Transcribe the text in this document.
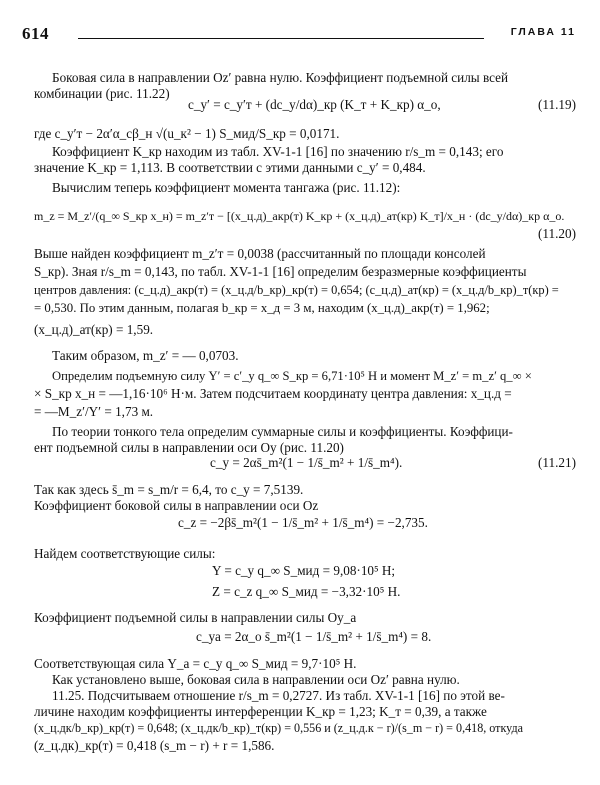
614	ГЛАВА 11
Боковая сила в направлении Oz′ равна нулю. Коэффициент подъемной силы всей
комбинации (рис. 11.22)
c_y′ = c_y′т + (dc_y/dα)_кр (K_т + K_кр) α_о,	(11.19)
где c_y′т − 2α′α_cβ_н √(u_к² − 1) S_мид/S_кр = 0,0171.
Коэффициент K_кр находим из табл. XV-1-1 [16] по значению r/s_m = 0,143; его
значение K_кр = 1,113. В соответствии с этими данными c_y′ = 0,484.
Вычислим теперь коэффициент момента тангажа (рис. 11.12):
m_z = M_z′/(q_∞ S_кр x_н) = m_z′т − [(x_ц.д)_акр(т) K_кр + (x_ц.д)_ат(кр) K_т]/x_н · (dc_y/dα)_кр α_о.
(11.20)
Выше найден коэффициент m_z′т = 0,0038 (рассчитанный по площади консолей
S_кр). Зная r/s_m = 0,143, по табл. XV-1-1 [16] определим безразмерные коэффициенты
центров давления: (c_ц.д)_акр(т) = (x_ц.д/b_кр)_кр(т) = 0,654; (c_ц.д)_ат(кр) = (x_ц.д/b_кр)_т(кр) =
= 0,530. По этим данным, полагая b_кр = x_д = 3 м, находим (x_ц.д)_акр(т) = 1,962;
(x_ц.д)_ат(кр) = 1,59.
Таким образом, m_z′ = — 0,0703.
Определим подъемную силу Y′ = c′_y q_∞ S_кр = 6,71·10⁵ Н и момент M_z′ = m_z′ q_∞ ×
× S_кр x_н = —1,16·10⁶ Н·м. Затем подсчитаем координату центра давления: x_ц.д =
= —M_z′/Y′ = 1,73 м.
По теории тонкого тела определим суммарные силы и коэффициенты. Коэффици-
ент подъемной силы в направлении оси Oy (рис. 11.20)
c_y = 2αs̄_m²(1 − 1/s̄_m² + 1/s̄_m⁴).	(11.21)
Так как здесь s̄_m = s_m/r = 6,4, то c_y = 7,5139.
Коэффициент боковой силы в направлении оси Oz
c_z = −2βs̄_m²(1 − 1/s̄_m² + 1/s̄_m⁴) = −2,735.
Найдем соответствующие силы:
Y = c_y q_∞ S_мид = 9,08·10⁵ Н;
Z = c_z q_∞ S_мид = −3,32·10⁵ Н.
Коэффициент подъемной силы в направлении силы Oy_a
c_ya = 2α_o s̄_m²(1 − 1/s̄_m² + 1/s̄_m⁴) = 8.
Соответствующая сила Y_a = c_y q_∞ S_мид = 9,7·10⁵ Н.
Как установлено выше, боковая сила в направлении оси Oz′ равна нулю.
11.25. Подсчитываем отношение r/s_m = 0,2727. Из табл. XV-1-1 [16] по этой ве-
личине находим коэффициенты интерференции K_кр = 1,23; K_т = 0,39, а также
(x_ц.дк/b_кр)_кр(т) = 0,648; (x_ц.дк/b_кр)_т(кр) = 0,556 и (z_ц.д.к − r)/(s_m − r) = 0,418, откуда
(z_ц.дк)_кр(т) = 0,418 (s_m − r) + r = 1,586.
